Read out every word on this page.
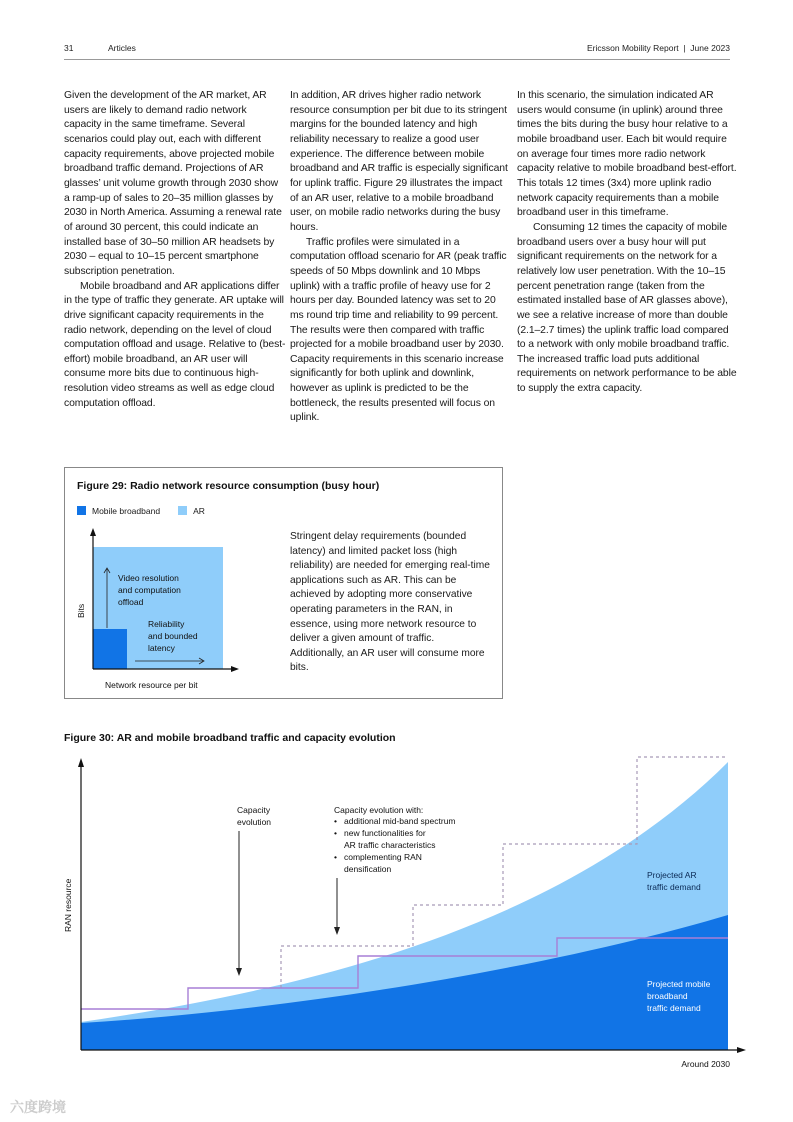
31	Articles	Ericsson Mobility Report  |  June 2023

Given the development of the AR market, AR users are likely to demand radio network capacity in the same timeframe. Several scenarios could play out, each with different capacity requirements, above projected mobile broadband traffic demand. Projections of AR glasses’ unit volume growth through 2030 show a ramp-up of sales to 20–35 million glasses by 2030 in North America. Assuming a renewal rate of around 30 percent, this could indicate an installed base of 30–50 million AR headsets by 2030 – equal to 10–15 percent smartphone subscription penetration.

Mobile broadband and AR applications differ in the type of traffic they generate. AR uptake will drive significant capacity requirements in the radio network, depending on the level of cloud computation offload and usage. Relative to (best-effort) mobile broadband, an AR user will consume more bits due to continuous high-resolution video streams as well as edge cloud computation offload.

In addition, AR drives higher radio network resource consumption per bit due to its stringent margins for the bounded latency and high reliability necessary to realize a good user experience. The difference between mobile broadband and AR traffic is especially significant for uplink traffic. Figure 29 illustrates the impact of an AR user, relative to a mobile broadband user, on mobile radio networks during the busy hours.

Traffic profiles were simulated in a computation offload scenario for AR (peak traffic speeds of 50 Mbps downlink and 10 Mbps uplink) with a traffic profile of heavy use for 2 hours per day. Bounded latency was set to 20 ms round trip time and reliability to 99 percent. The results were then compared with traffic projected for a mobile broadband user by 2030. Capacity requirements in this scenario increase significantly for both uplink and downlink, however as uplink is predicted to be the bottleneck, the results presented will focus on uplink.

In this scenario, the simulation indicated AR users would consume (in uplink) around three times the bits during the busy hour relative to a mobile broadband user. Each bit would require on average four times more radio network capacity relative to mobile broadband best-effort. This totals 12 times (3x4) more uplink radio network capacity requirements than a mobile broadband user in this timeframe.

Consuming 12 times the capacity of mobile broadband users over a busy hour will put significant requirements on the network for a relatively low user penetration. With the 10–15 percent penetration range (taken from the estimated installed base of AR glasses above), we see a relative increase of more than double (2.1–2.7 times) the uplink traffic load compared to a network with only mobile broadband traffic. The increased traffic load puts additional requirements on network performance to be able to supply the extra capacity.

Figure 29: Radio network resource consumption (busy hour)
Mobile broadband	AR
Video resolution and computation offload
Reliability and bounded latency
Bits
Network resource per bit
Stringent delay requirements (bounded latency) and limited packet loss (high reliability) are needed for emerging real-time applications such as AR. This can be achieved by adopting more conservative operating parameters in the RAN, in essence, using more network resource to deliver a given amount of traffic. Additionally, an AR user will consume more bits.
Figure 30: AR and mobile broadband traffic and capacity evolution
RAN resource
Around 2030
Capacity evolution
Capacity evolution with: • additional mid-band spectrum • new functionalities for AR traffic characteristics • complementing RAN densification
Projected AR traffic demand
Projected mobile broadband traffic demand
六度跨境
